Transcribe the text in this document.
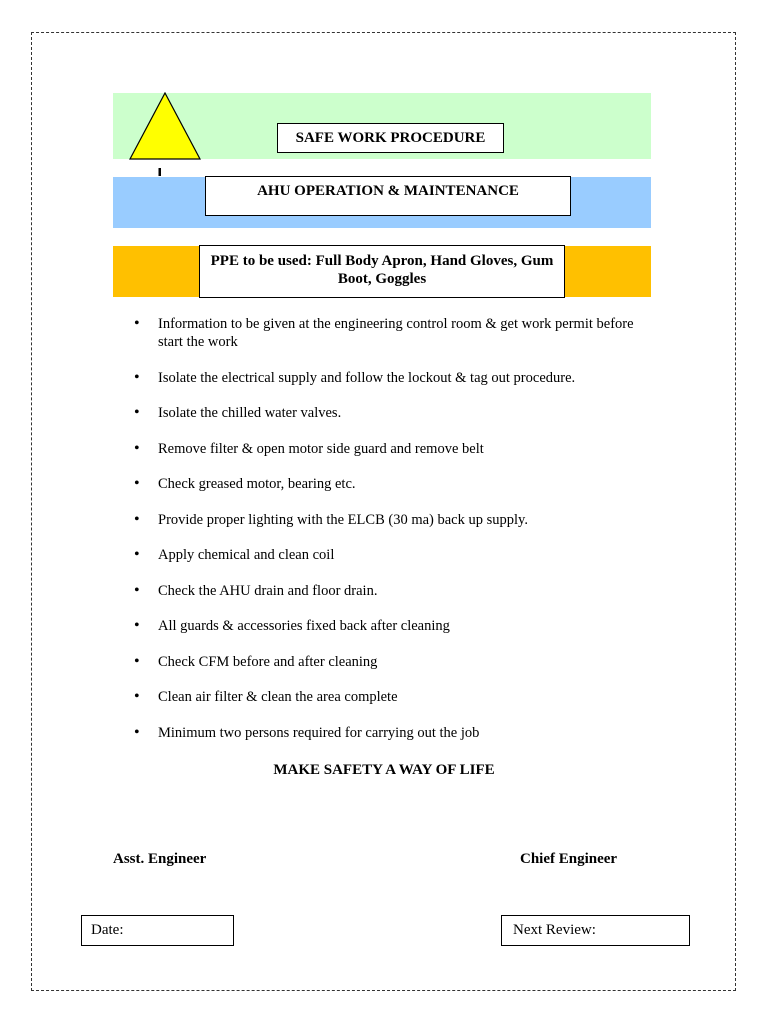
SAFE WORK PROCEDURE
AHU OPERATION & MAINTENANCE
PPE to be used: Full Body Apron, Hand Gloves, Gum Boot, Goggles
• Information to be given at the engineering control room & get work permit before start the work
• Isolate the electrical supply and follow the lockout & tag out procedure.
• Isolate the chilled water valves.
• Remove filter & open motor side guard and remove belt
• Check greased motor, bearing etc.
• Provide proper lighting with the ELCB (30 ma) back up supply.
• Apply chemical and clean coil
• Check the AHU drain and floor drain.
• All guards & accessories fixed back after cleaning
• Check CFM before and after cleaning
• Clean air filter & clean the area complete
• Minimum two persons required for carrying out the job
MAKE SAFETY A WAY OF LIFE
Asst. Engineer	Chief Engineer
Date:	Next Review:
